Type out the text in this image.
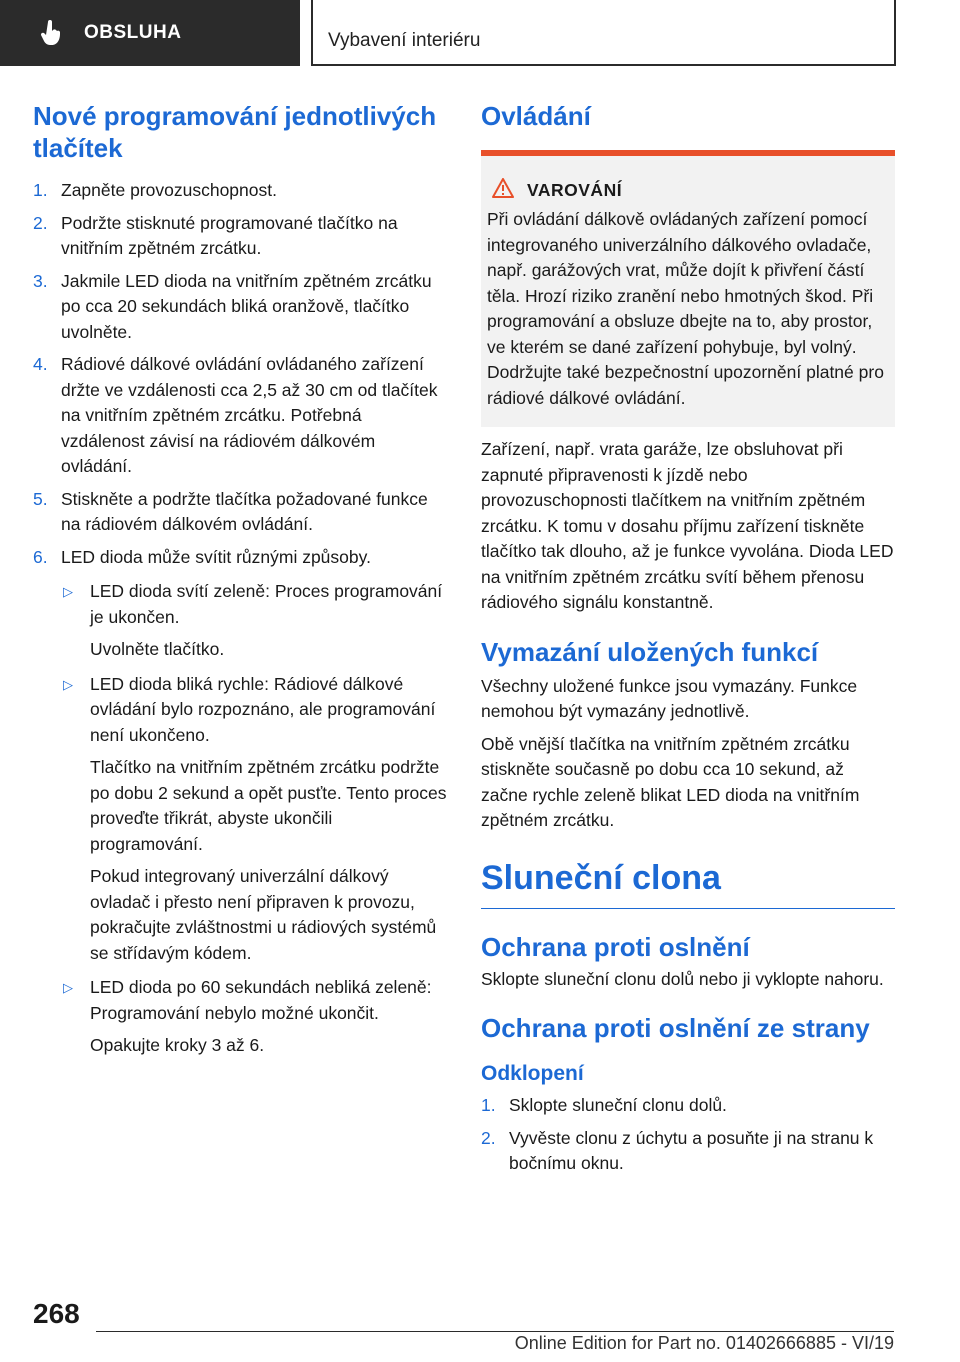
OBSLUHA	Vybavení interiéru
Nové programování jednotlivých tlačítek
1. Zapněte provozuschopnost.
2. Podržte stisknuté programované tlačítko na vnitřním zpětném zrcátku.
3. Jakmile LED dioda na vnitřním zpětném zrcátku po cca 20 sekundách bliká oranžově, tlačítko uvolněte.
4. Rádiové dálkové ovládání ovládaného zařízení držte ve vzdálenosti cca 2,5 až 30 cm od tlačítek na vnitřním zpětném zrcátku. Potřebná vzdálenost závisí na rádiovém dálkovém ovládání.
5. Stiskněte a podržte tlačítka požadované funkce na rádiovém dálkovém ovládání.
6. LED dioda může svítit různými způsoby.
▷ LED dioda svítí zeleně: Proces programování je ukončen.
Uvolněte tlačítko.
▷ LED dioda bliká rychle: Rádiové dálkové ovládání bylo rozpoznáno, ale programování není ukončeno.
Tlačítko na vnitřním zpětném zrcátku podržte po dobu 2 sekund a opět pusťte. Tento proces proveďte třikrát, abyste ukončili programování.
Pokud integrovaný univerzální dálkový ovladač i přesto není připraven k provozu, pokračujte zvláštnostmi u rádiových systémů se střídavým kódem.
▷ LED dioda po 60 sekundách nebliká zeleně: Programování nebylo možné ukončit.
Opakujte kroky 3 až 6.
Ovládání
VAROVÁNÍ

Při ovládání dálkově ovládaných zařízení pomocí integrovaného univerzálního dálkového ovladače, např. garážových vrat, může dojít k přivření částí těla. Hrozí riziko zranění nebo hmotných škod. Při programování a obsluze dbejte na to, aby prostor, ve kterém se dané zařízení pohybuje, byl volný. Dodržujte také bezpečnostní upozornění platné pro rádiové dálkové ovládání.

Zařízení, např. vrata garáže, lze obsluhovat při zapnuté připravenosti k jízdě nebo provozuschopnosti tlačítkem na vnitřním zpětném zrcátku. K tomu v dosahu příjmu zařízení tiskněte tlačítko tak dlouho, až je funkce vyvolána. Dioda LED na vnitřním zpětném zrcátku svítí během přenosu rádiového signálu konstantně.

Vymazání uložených funkcí

Všechny uložené funkce jsou vymazány. Funkce nemohou být vymazány jednotlivě.

Obě vnější tlačítka na vnitřním zpětném zrcátku stiskněte současně po dobu cca 10 sekund, až začne rychle zeleně blikat LED dioda na vnitřním zpětném zrcátku.

Sluneční clona
Ochrana proti oslnění

Sklopte sluneční clonu dolů nebo ji vyklopte nahoru.

Ochrana proti oslnění ze strany
Odklopení
1. Sklopte sluneční clonu dolů.
2. Vyvěste clonu z úchytu a posuňte ji na stranu k bočnímu oknu.
268
Online Edition for Part no. 01402666885 - VI/19
